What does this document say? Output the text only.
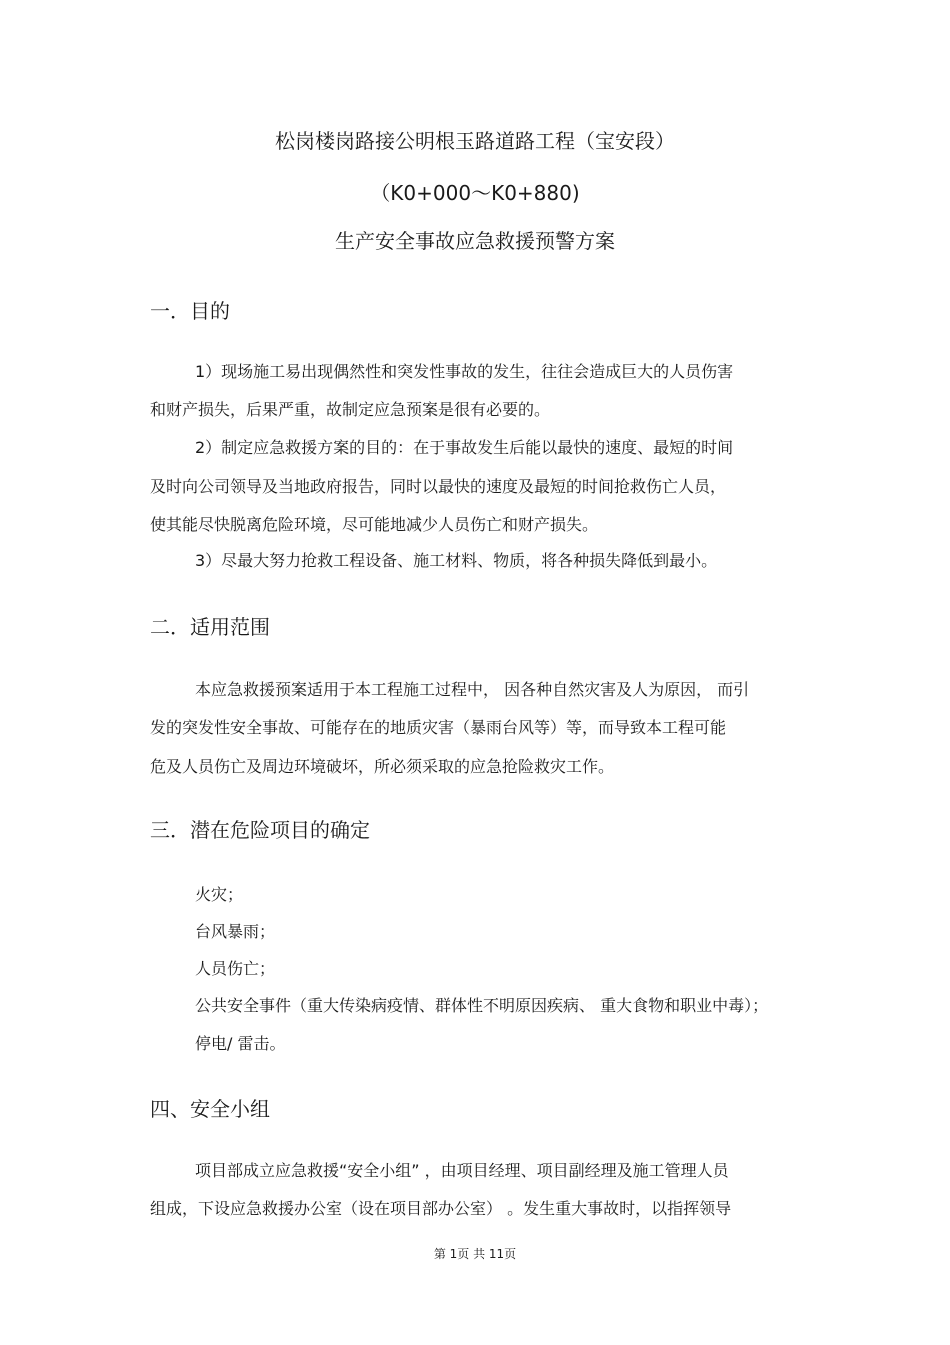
松岗楼岗路接公明根玉路道路工程（宝安段）
（K0+000～K0+880)
生产安全事故应急救援预警方案
一．目的
1）现场施工易出现偶然性和突发性事故的发生，往往会造成巨大的人员伤害
和财产损失，后果严重，故制定应急预案是很有必要的。
2）制定应急救援方案的目的：在于事故发生后能以最快的速度、最短的时间
及时向公司领导及当地政府报告，同时以最快的速度及最短的时间抢救伤亡人员，
使其能尽快脱离危险环境，尽可能地减少人员伤亡和财产损失。
3）尽最大努力抢救工程设备、施工材料、物质，将各种损失降低到最小。
二．适用范围
本应急救援预案适用于本工程施工过程中， 因各种自然灾害及人为原因， 而引
发的突发性安全事故、可能存在的地质灾害（暴雨台风等）等，而导致本工程可能
危及人员伤亡及周边环境破坏，所必须采取的应急抢险救灾工作。
三．潜在危险项目的确定
火灾；
台风暴雨；
人员伤亡；
公共安全事件（重大传染病疫情、群体性不明原因疾病、 重大食物和职业中毒）；
停电/ 雷击。
四、安全小组
项目部成立应急救援“安全小组” ，由项目经理、项目副经理及施工管理人员
组成，下设应急救援办公室（设在项目部办公室） 。发生重大事故时，以指挥领导
第 1页 共 11页
